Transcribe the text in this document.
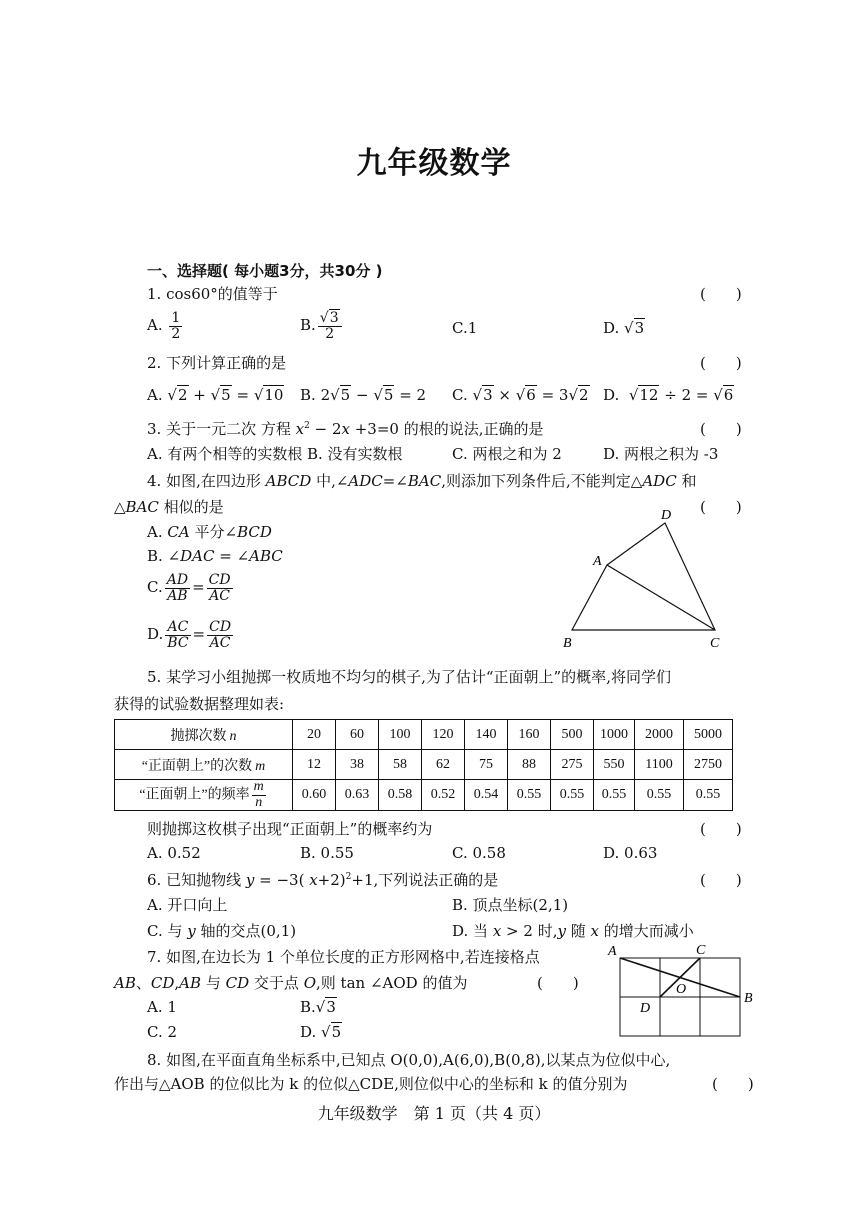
九年级数学
一、选择题( 每小题3分，共30分 )
1. cos60°的值等于	(　　)
A. $\frac{1}{2}$	B. √ $\frac{3}{2}$	C.1	D. √ 3
2. 下列计算正确的是	(　　)
A. √ 2 + √ 5 = √ 10 B. 2 √ 5 − √ 5 = 2 C. √ 3 × √ 6 = 3 √ 2 D. √ 12 ÷ 2 = √ 6
3. 关于一元二次 方程 $x^2 - 2x +3=0$ 的根的说法,正确的是	(　　)
A. 有两个相等的实数根 B. 没有实数根	C. 两根之和为 2	D. 两根之积为 -3
4. 如图,在四边形 ABCD 中,∠ADC=∠BAC,则添加下列条件后,不能判定△ADC 和
△BAC 相似的是	(　　)
A. CA 平分∠BCD
B. ∠DAC = ∠ABC
C. $\frac{AD}{AB} = \frac{CD}{AC}$
D. $\frac{AC}{BC} = \frac{CD}{AC}$
A
D
B	C
5. 某学习小组抛掷一枚质地不均匀的棋子,为了估计“正面朝上”的概率,将同学们
获得的试验数据整理如表:
抛掷次数 n	20	60	100	120	140	160	500	1000	2000	5000
“正面朝上”的次数 m	12	38	58	62	75	88	275	550	1100	2750
“正面朝上”的频率 $\frac{m}{n}$	0.60	0.63	0.58	0.52	0.54	0.55	0.55	0.55	0.55	0.55
则抛掷这枚棋子出现“正面朝上”的概率约为	(　　)
A. 0.52	B. 0.55	C. 0.58	D. 0.63
6. 已知抛物线 y = −3( x+2)$^2$+1,下列说法正确的是	(　　)
A. 开口向上	B. 顶点坐标(2,1)
C. 与 y 轴的交点(0,1)	D. 当 x > 2 时,y 随 x 的增大而减小
7. 如图,在边长为 1 个单位长度的正方形网格中,若连接格点
AB、CD,AB 与 CD 交于点 O,则 tan ∠AOD 的值为	(　　)
A. 1	B. √ 3
C. 2	D. √ 5
A	C
B
D
O
8. 如图,在平面直角坐标系中,已知点 O(0,0),A(6,0),B(0,8),以某点为位似中心,
作出与△AOB 的位似比为 k 的位似△CDE,则位似中心的坐标和 k 的值分别为	(　　)
九年级数学　第 1 页（共 4 页）
